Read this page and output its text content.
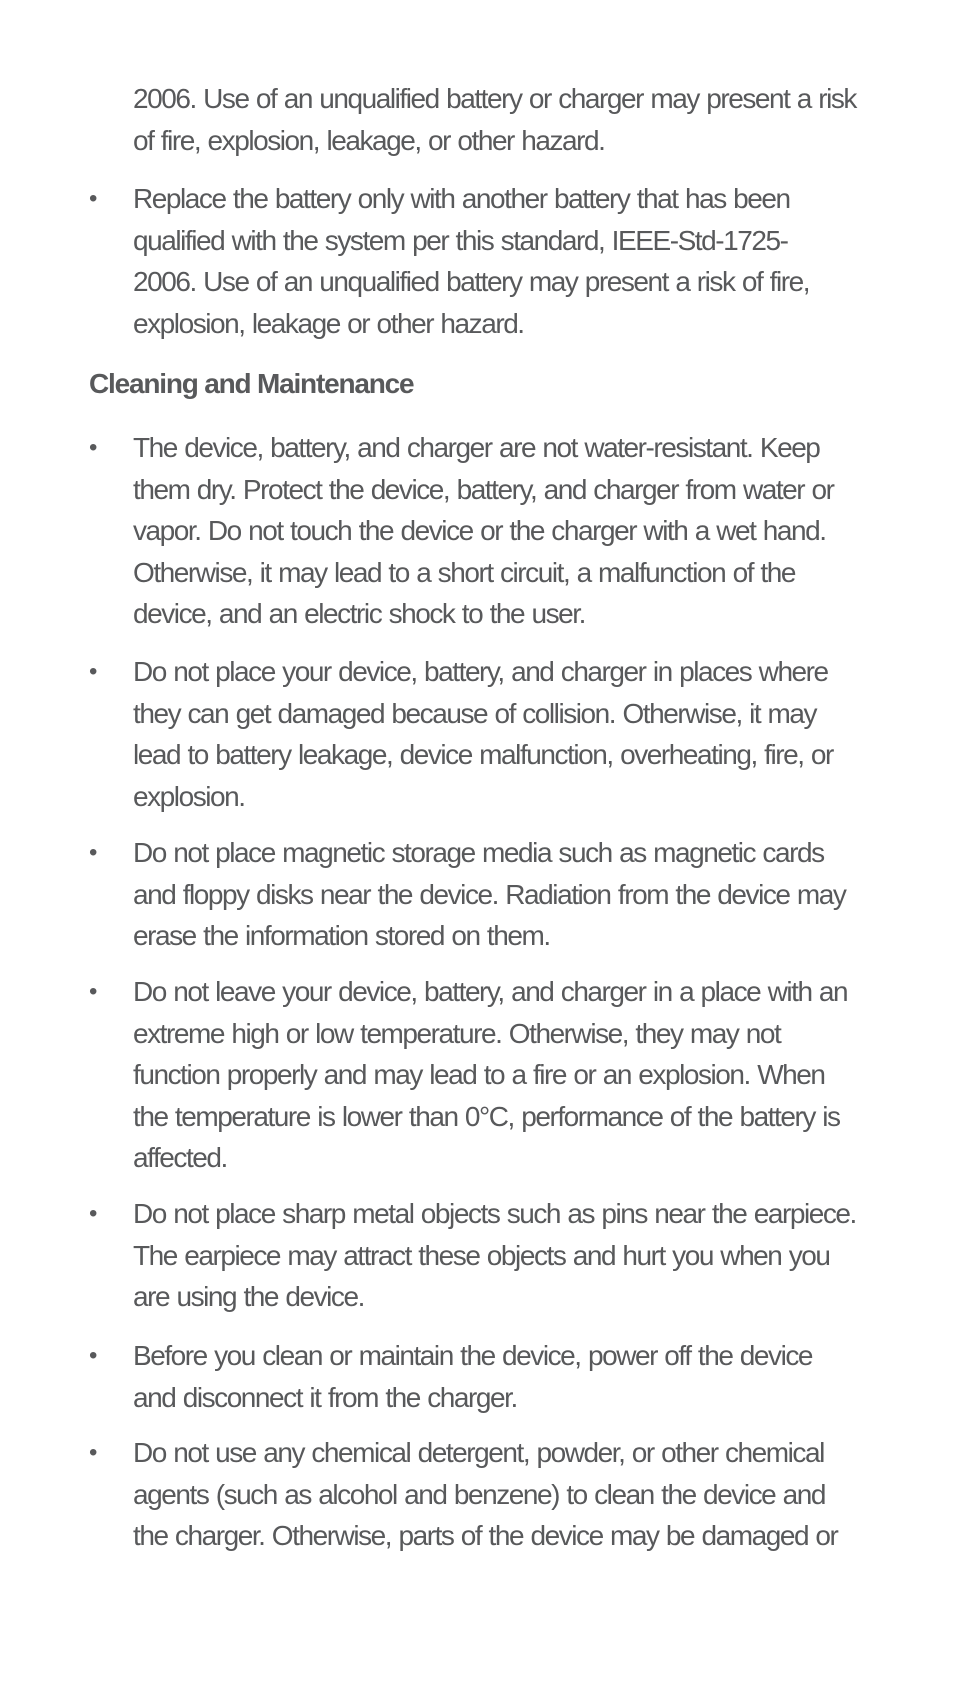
2006. Use of an unqualified battery or charger may present a risk
of fire, explosion, leakage, or other hazard.

• Replace the battery only with another battery that has been
qualified with the system per this standard, IEEE-Std-1725-
2006. Use of an unqualified battery may present a risk of fire,
explosion, leakage or other hazard.

Cleaning and Maintenance
• The device, battery, and charger are not water-resistant. Keep
them dry. Protect the device, battery, and charger from water or
vapor. Do not touch the device or the charger with a wet hand.
Otherwise, it may lead to a short circuit, a malfunction of the
device, and an electric shock to the user.

• Do not place your device, battery, and charger in places where
they can get damaged because of collision. Otherwise, it may
lead to battery leakage, device malfunction, overheating, fire, or
explosion.

• Do not place magnetic storage media such as magnetic cards
and floppy disks near the device. Radiation from the device may
erase the information stored on them.

• Do not leave your device, battery, and charger in a place with an
extreme high or low temperature. Otherwise, they may not
function properly and may lead to a fire or an explosion. When
the temperature is lower than 0°C, performance of the battery is
affected.

• Do not place sharp metal objects such as pins near the earpiece.
The earpiece may attract these objects and hurt you when you
are using the device.

• Before you clean or maintain the device, power off the device
and disconnect it from the charger.

• Do not use any chemical detergent, powder, or other chemical
agents (such as alcohol and benzene) to clean the device and
the charger. Otherwise, parts of the device may be damaged or
